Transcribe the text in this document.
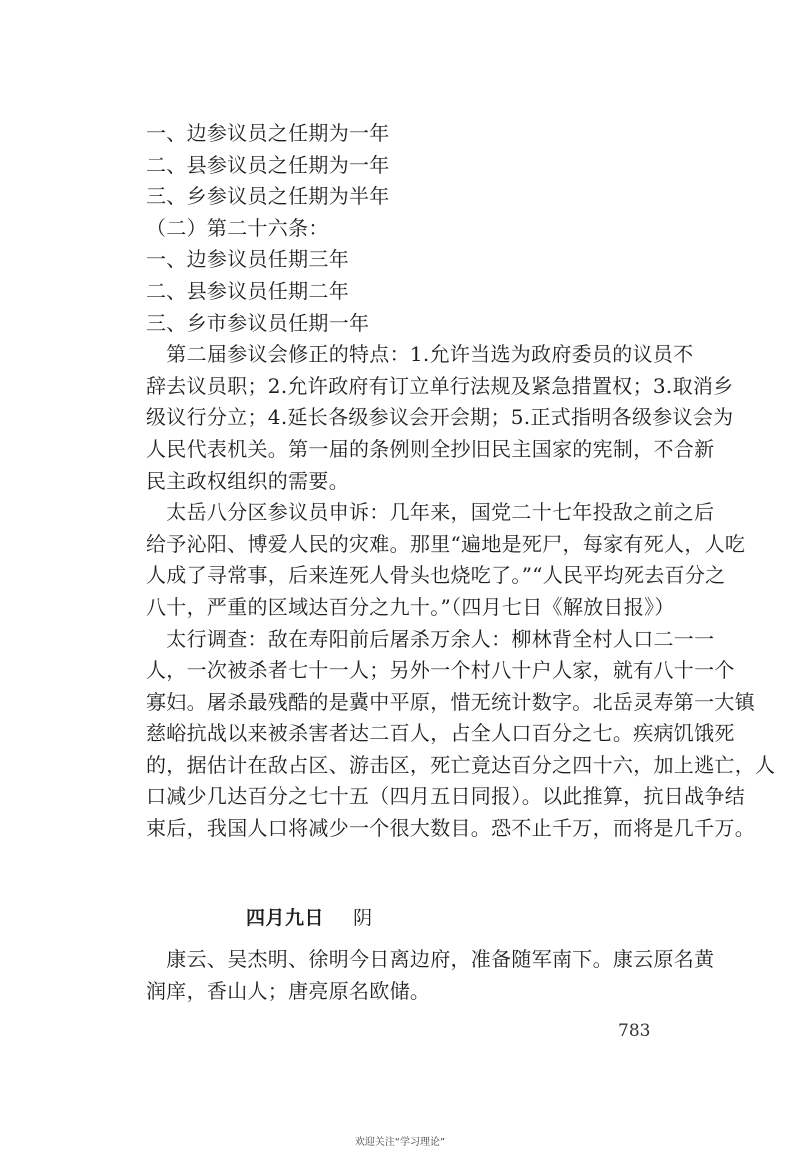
一、边参议员之任期为一年
二、县参议员之任期为一年
三、乡参议员之任期为半年
（二）第二十六条：
一、边参议员任期三年
二、县参议员任期二年
三、乡市参议员任期一年
　第二届参议会修正的特点：1.允许当选为政府委员的议员不
辞去议员职；2.允许政府有订立单行法规及紧急措置权；3.取消乡
级议行分立；4.延长各级参议会开会期；5.正式指明各级参议会为
人民代表机关。第一届的条例则全抄旧民主国家的宪制，不合新
民主政权组织的需要。
　太岳八分区参议员申诉：几年来，国党二十七年投敌之前之后
给予沁阳、博爱人民的灾难。那里“遍地是死尸，每家有死人，人吃
人成了寻常事，后来连死人骨头也烧吃了。”“人民平均死去百分之
八十，严重的区域达百分之九十。”（四月七日《解放日报》）
　太行调查：敌在寿阳前后屠杀万余人：柳林背全村人口二一一
人，一次被杀者七十一人；另外一个村八十户人家，就有八十一个
寡妇。屠杀最残酷的是冀中平原，惜无统计数字。北岳灵寿第一大镇
慈峪抗战以来被杀害者达二百人，占全人口百分之七。疾病饥饿死
的，据估计在敌占区、游击区，死亡竟达百分之四十六，加上逃亡，人
口减少几达百分之七十五（四月五日同报）。以此推算，抗日战争结
束后，我国人口将减少一个很大数目。恐不止千万，而将是几千万。
四月九日 阴
　康云、吴杰明、徐明今日离边府，准备随军南下。康云原名黄
润庠，香山人；唐亮原名欧储。
783
欢迎关注“学习理论”
